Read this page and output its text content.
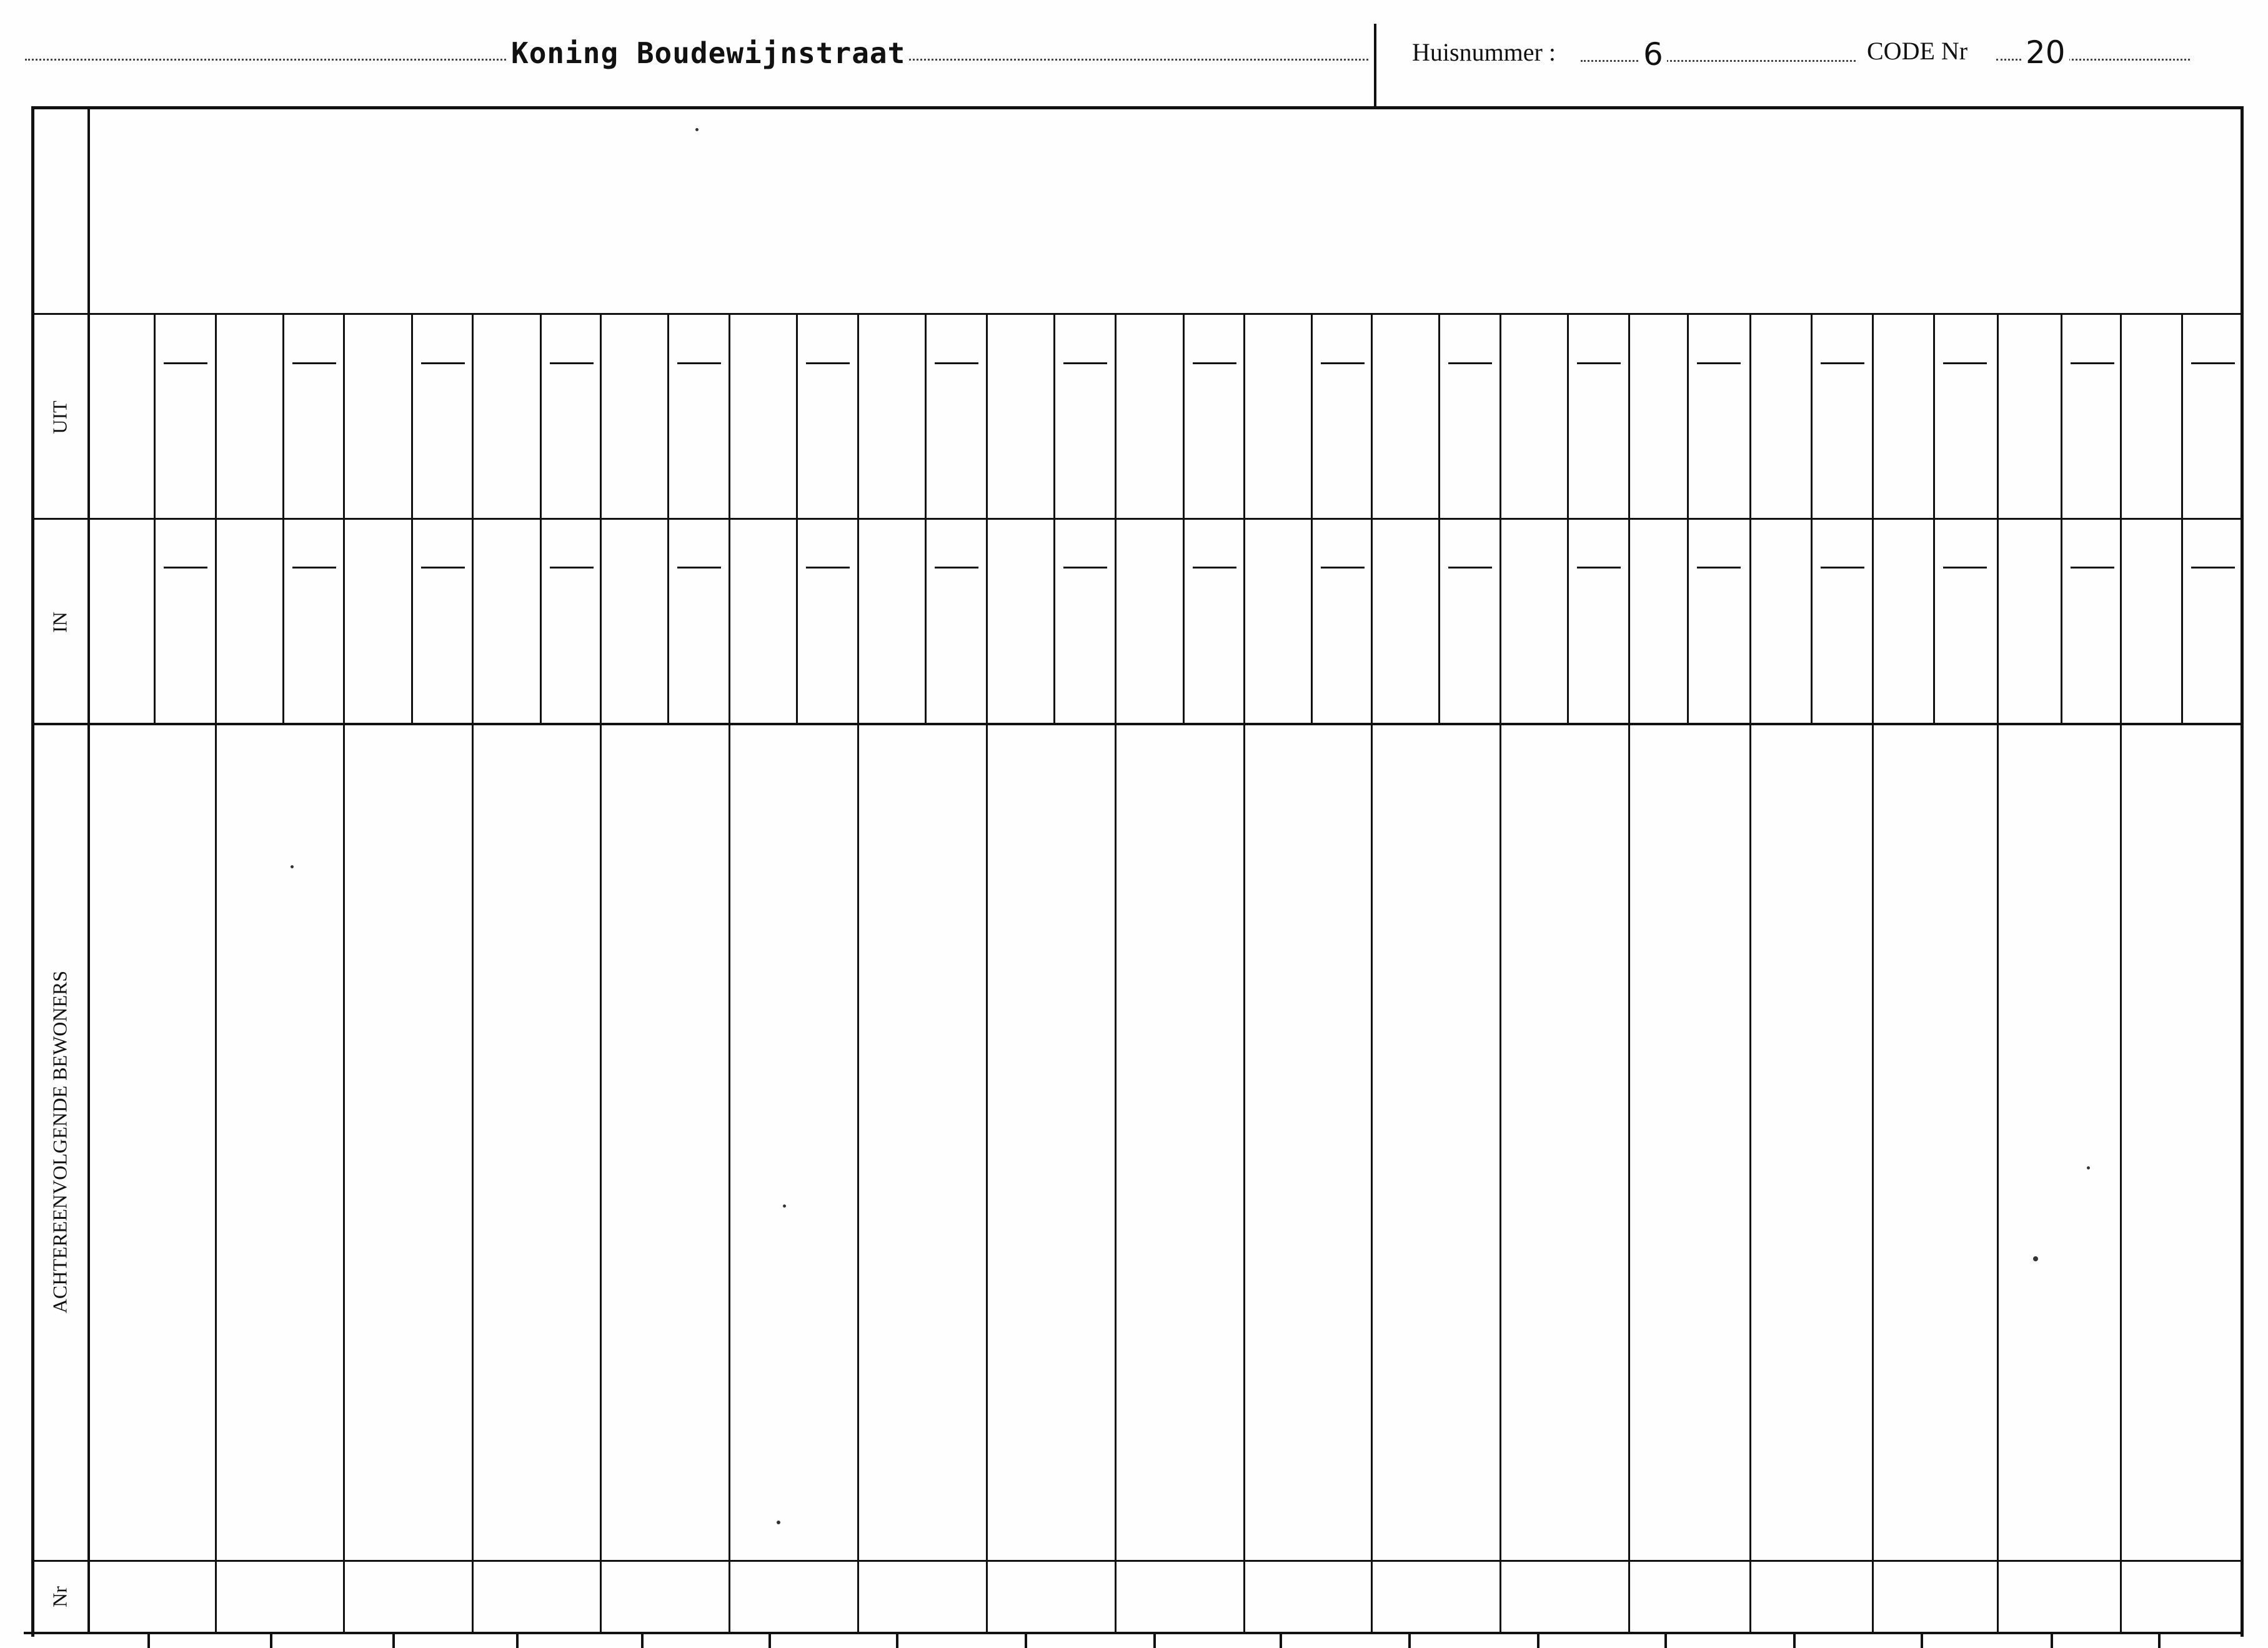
Koning Boudewijnstraat	Huisnummer :	6	CODE Nr 20
UIT
IN
ACHTEREENVOLGENDE BEWONERS
Nr
